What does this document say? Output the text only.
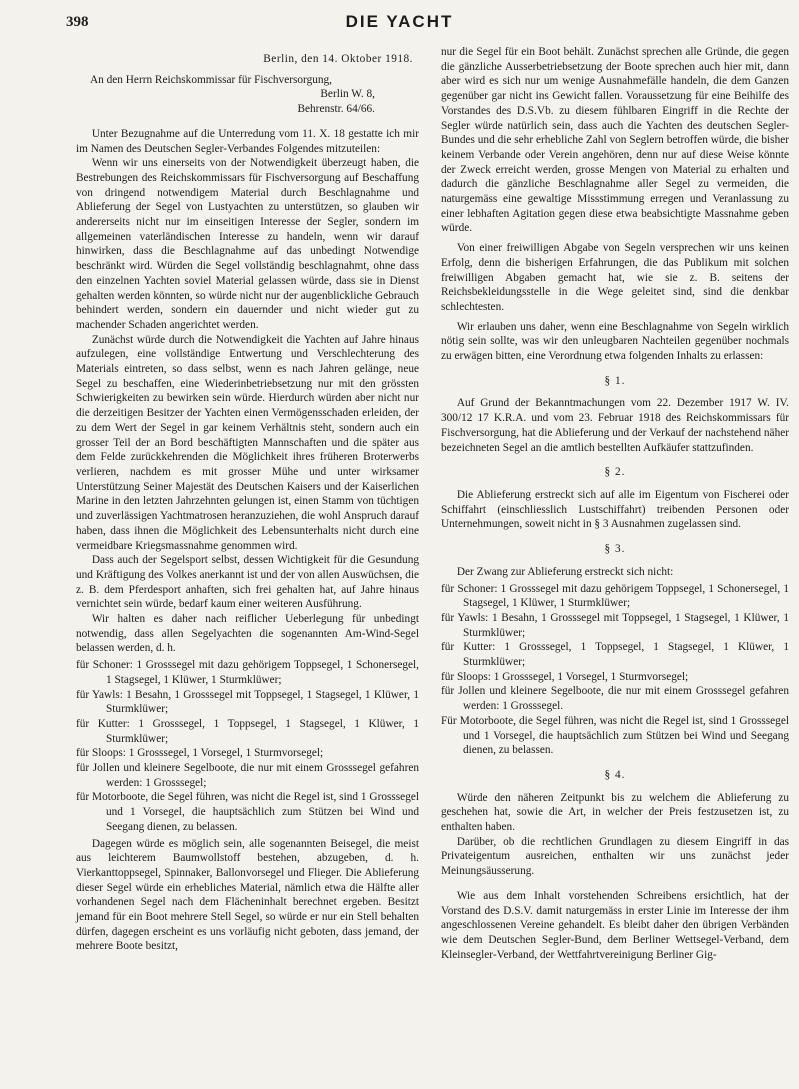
398	DIE YACHT
Berlin, den 14. Oktober 1918.

An den Herrn Reichskommissar für Fischversorgung,

Berlin W. 8,

Behrenstr. 64/66.

Unter Bezugnahme auf die Unterredung vom 11. X. 18 gestatte ich mir im Namen des Deutschen Segler-Verbandes Folgendes mitzuteilen:

Wenn wir uns einerseits von der Notwendigkeit überzeugt haben, die Bestrebungen des Reichskommissars für Fischversorgung auf Beschaffung von dringend notwendigem Material durch Beschlagnahme und Ablieferung der Segel von Lustyachten zu unterstützen, so glauben wir andererseits nicht nur im einseitigen Interesse der Segler, sondern im allgemeinen vaterländischen Interesse zu handeln, wenn wir darauf hinwirken, dass die Beschlagnahme auf das unbedingt Notwendige beschränkt wird. Würden die Segel vollständig beschlagnahmt, ohne dass den einzelnen Yachten soviel Material gelassen würde, dass sie in Dienst gehalten werden könnten, so würde nicht nur der augenblickliche Gebrauch behindert werden, sondern ein dauernder und nicht wieder gut zu machender Schaden angerichtet werden.

Zunächst würde durch die Notwendigkeit die Yachten auf Jahre hinaus aufzulegen, eine vollständige Entwertung und Verschlechterung des Materials eintreten, so dass selbst, wenn es nach Jahren gelänge, neue Segel zu beschaffen, eine Wiederinbetriebsetzung nur mit den grössten Schwierigkeiten zu bewirken sein würde. Hierdurch würden aber nicht nur die derzeitigen Besitzer der Yachten einen Vermögensschaden erleiden, der zu dem Wert der Segel in gar keinem Verhältnis steht, sondern auch ein grosser Teil der an Bord beschäftigten Mannschaften und die später aus dem Felde zurückkehrenden die Möglichkeit ihres früheren Broterwerbs verlieren, nachdem es mit grosser Mühe und unter wirksamer Unterstützung Seiner Majestät des Deutschen Kaisers und der Kaiserlichen Marine in den letzten Jahrzehnten gelungen ist, einen Stamm von tüchtigen und zuverlässigen Yachtmatrosen heranzuziehen, die wohl Anspruch darauf haben, dass ihnen die Möglichkeit des Lebensunterhalts nicht durch eine vermeidbare Kriegsmassnahme genommen wird.

Dass auch der Segelsport selbst, dessen Wichtigkeit für die Gesundung und Kräftigung des Volkes anerkannt ist und der von allen Auswüchsen, die z. B. dem Pferdesport anhaften, sich frei gehalten hat, auf Jahre hinaus vernichtet sein würde, bedarf kaum einer weiteren Ausführung.

Wir halten es daher nach reiflicher Ueberlegung für unbedingt notwendig, dass allen Segelyachten die sogenannten Am-Wind-Segel belassen werden, d. h.

für Schoner: 1 Grosssegel mit dazu gehörigem Toppsegel, 1 Schonersegel, 1 Stagsegel, 1 Klüwer, 1 Sturmklüwer;

für Yawls: 1 Besahn, 1 Grosssegel mit Toppsegel, 1 Stagsegel, 1 Klüwer, 1 Sturmklüwer;

für Kutter: 1 Grosssegel, 1 Toppsegel, 1 Stagsegel, 1 Klüwer, 1 Sturmklüwer;

für Sloops: 1 Grosssegel, 1 Vorsegel, 1 Sturmvorsegel;

für Jollen und kleinere Segelboote, die nur mit einem Grosssegel gefahren werden: 1 Grosssegel;

für Motorboote, die Segel führen, was nicht die Regel ist, sind 1 Grosssegel und 1 Vorsegel, die hauptsächlich zum Stützen bei Wind und Seegang dienen, zu belassen.

Dagegen würde es möglich sein, alle sogenannten Beisegel, die meist aus leichterem Baumwollstoff bestehen, abzugeben, d. h. Vierkanttoppsegel, Spinnaker, Ballonvorsegel und Flieger. Die Ablieferung dieser Segel würde ein erhebliches Material, nämlich etwa die Hälfte aller vorhandenen Segel nach dem Flächeninhalt berechnet ergeben. Besitzt jemand für ein Boot mehrere Stell Segel, so würde er nur ein Stell behalten dürfen, dagegen erscheint es uns vorläufig nicht geboten, dass jemand, der mehrere Boote besitzt,

nur die Segel für ein Boot behält. Zunächst sprechen alle Gründe, die gegen die gänzliche Ausserbetriebsetzung der Boote sprechen auch hier mit, dann aber wird es sich nur um wenige Ausnahmefälle handeln, die dem Ganzen gegenüber gar nicht ins Gewicht fallen. Voraussetzung für eine Beihilfe des Vorstandes des D.S.Vb. zu diesem fühlbaren Eingriff in die Rechte der Segler würde natürlich sein, dass auch die Yachten des deutschen Segler-Bundes und die sehr erhebliche Zahl von Seglern betroffen würde, die bisher keinem Verbande oder Verein angehören, denn nur auf diese Weise könnte der Zweck erreicht werden, grosse Mengen von Material zu erhalten und dadurch die gänzliche Beschlagnahme aller Segel zu vermeiden, die naturgemäss eine gewaltige Missstimmung erregen und Veranlassung zu einer lebhaften Agitation gegen diese etwa beabsichtigte Massnahme geben würde.

Von einer freiwilligen Abgabe von Segeln versprechen wir uns keinen Erfolg, denn die bisherigen Erfahrungen, die das Publikum mit solchen freiwilligen Abgaben gemacht hat, wie sie z. B. seitens der Reichsbekleidungsstelle in die Wege geleitet sind, sind die denkbar schlechtesten.

Wir erlauben uns daher, wenn eine Beschlagnahme von Segeln wirklich nötig sein sollte, was wir den unleugbaren Nachteilen gegenüber nochmals zu erwägen bitten, eine Verordnung etwa folgenden Inhalts zu erlassen:

§ 1.

Auf Grund der Bekanntmachungen vom 22. Dezember 1917 W. IV. 300/12 17 K.R.A. und vom 23. Februar 1918 des Reichskommissars für Fischversorgung, hat die Ablieferung und der Verkauf der nachstehend näher bezeichneten Segel an die amtlich bestellten Aufkäufer stattzufinden.

§ 2.

Die Ablieferung erstreckt sich auf alle im Eigentum von Fischerei oder Schiffahrt (einschliesslich Lustschiffahrt) treibenden Personen oder Unternehmungen, soweit nicht in § 3 Ausnahmen zugelassen sind.

§ 3.

Der Zwang zur Ablieferung erstreckt sich nicht:

für Schoner: 1 Grosssegel mit dazu gehörigem Toppsegel, 1 Schonersegel, 1 Stagsegel, 1 Klüwer, 1 Sturmklüwer;

für Yawls: 1 Besahn, 1 Grosssegel mit Toppsegel, 1 Stagsegel, 1 Klüwer, 1 Sturmklüwer;

für Kutter: 1 Grosssegel, 1 Toppsegel, 1 Stagsegel, 1 Klüwer, 1 Sturmklüwer;

für Sloops: 1 Grosssegel, 1 Vorsegel, 1 Sturmvorsegel;

für Jollen und kleinere Segelboote, die nur mit einem Grosssegel gefahren werden: 1 Grosssegel.

Für Motorboote, die Segel führen, was nicht die Regel ist, sind 1 Grosssegel und 1 Vorsegel, die hauptsächlich zum Stützen bei Wind und Seegang dienen, zu belassen.

§ 4.

Würde den näheren Zeitpunkt bis zu welchem die Ablieferung zu geschehen hat, sowie die Art, in welcher der Preis festzusetzen ist, zu enthalten haben.

Darüber, ob die rechtlichen Grundlagen zu diesem Eingriff in das Privateigentum ausreichen, enthalten wir uns zunächst jeder Meinungsäusserung.

Wie aus dem Inhalt vorstehenden Schreibens ersichtlich, hat der Vorstand des D.S.V. damit naturgemäss in erster Linie im Interesse der ihm angeschlossenen Vereine gehandelt. Es bleibt daher den übrigen Verbänden wie dem Deutschen Segler-Bund, dem Berliner Wettsegel-Verband, dem Kleinsegler-Verband, der Wettfahrtvereinigung Berliner Gig-
